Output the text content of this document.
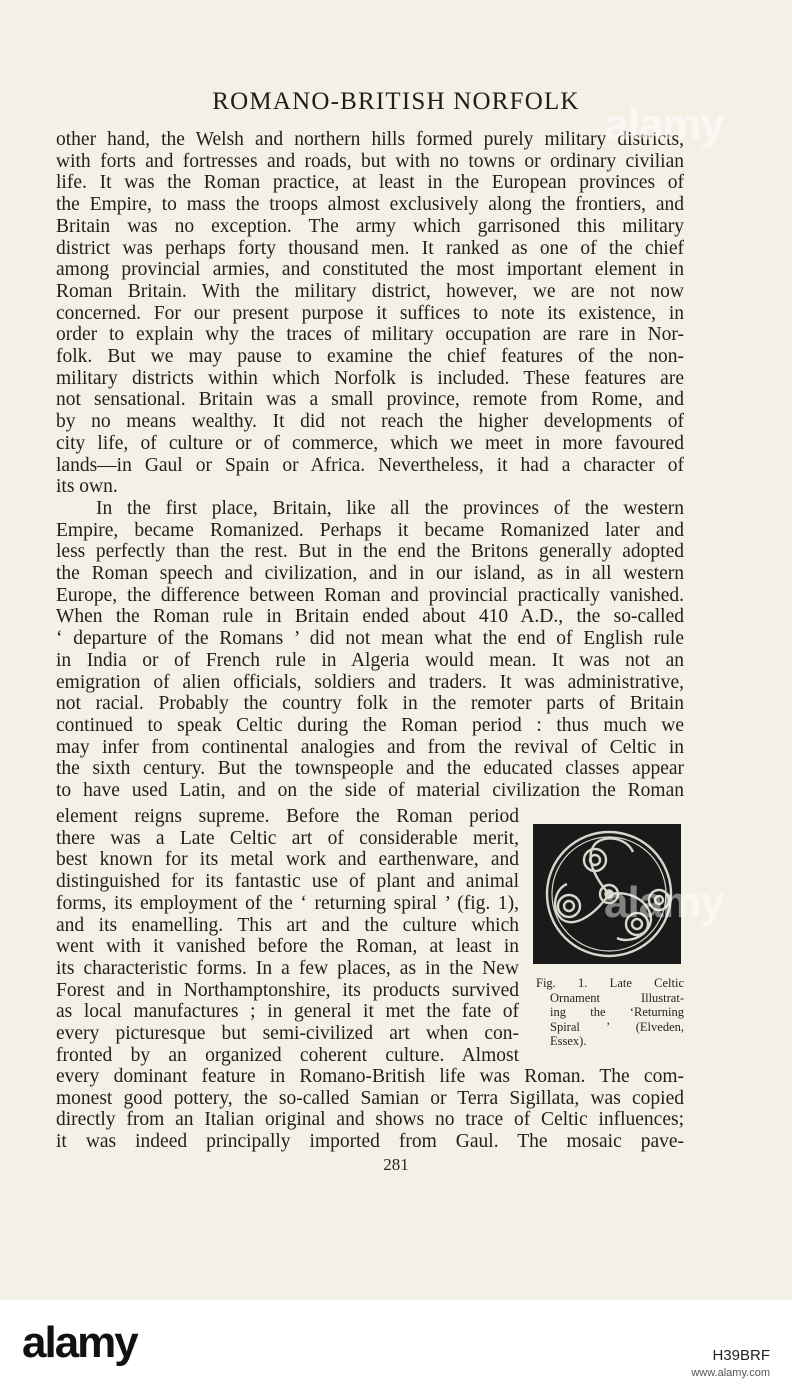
ROMANO-BRITISH NORFOLK
other hand, the Welsh and northern hills formed purely military districts,
with forts and fortresses and roads, but with no towns or ordinary civilian
life. It was the Roman practice, at least in the European provinces of
the Empire, to mass the troops almost exclusively along the frontiers, and
Britain was no exception. The army which garrisoned this military
district was perhaps forty thousand men. It ranked as one of the chief
among provincial armies, and constituted the most important element in
Roman Britain. With the military district, however, we are not now
concerned. For our present purpose it suffices to note its existence, in
order to explain why the traces of military occupation are rare in Nor-
folk. But we may pause to examine the chief features of the non-
military districts within which Norfolk is included. These features are
not sensational. Britain was a small province, remote from Rome, and
by no means wealthy. It did not reach the higher developments of
city life, of culture or of commerce, which we meet in more favoured
lands—in Gaul or Spain or Africa. Nevertheless, it had a character of
its own.
In the first place, Britain, like all the provinces of the western
Empire, became Romanized. Perhaps it became Romanized later and
less perfectly than the rest. But in the end the Britons generally adopted
the Roman speech and civilization, and in our island, as in all western
Europe, the difference between Roman and provincial practically vanished.
When the Roman rule in Britain ended about 410 A.D., the so-called
‘ departure of the Romans ’ did not mean what the end of English rule
in India or of French rule in Algeria would mean. It was not an
emigration of alien officials, soldiers and traders. It was administrative,
not racial. Probably the country folk in the remoter parts of Britain
continued to speak Celtic during the Roman period : thus much we
may infer from continental analogies and from the revival of Celtic in
the sixth century. But the townspeople and the educated classes appear
to have used Latin, and on the side of material civilization the Roman
element reigns supreme. Before the Roman period
there was a Late Celtic art of considerable merit,
best known for its metal work and earthenware, and
distinguished for its fantastic use of plant and animal
forms, its employment of the ‘ returning spiral ’ (fig. 1),
and its enamelling. This art and the culture which
went with it vanished before the Roman, at least in
its characteristic forms. In a few places, as in the New
Forest and in Northamptonshire, its products survived
as local manufactures ; in general it met the fate of
every picturesque but semi-civilized art when con-
fronted by an organized coherent culture. Almost
every dominant feature in Romano-British life was Roman. The com-
monest good pottery, the so-called Samian or Terra Sigillata, was copied
directly from an Italian original and shows no trace of Celtic influences;
it was indeed principally imported from Gaul. The mosaic pave-
Fig. 1. Late Celtic
Ornament Illustrat-
ing the ‘Returning
Spiral ’ (Elveden,
Essex).
281
alamy
alamy
alamy	H39BRF
www.alamy.com
